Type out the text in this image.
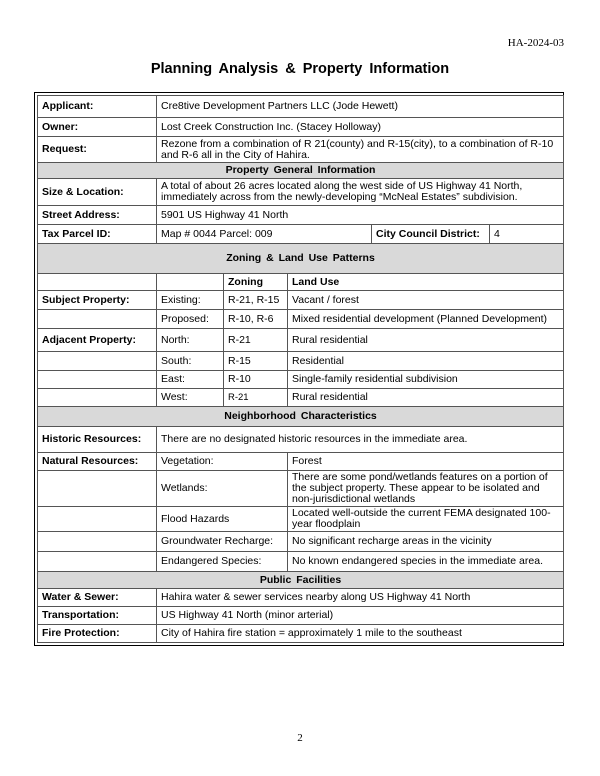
HA-2024-03
Planning Analysis & Property Information
Applicant:	Cre8tive Development Partners LLC (Jode Hewett)				
Owner:	Lost Creek Construction Inc. (Stacey Holloway)				
Request:	Rezone from a combination of R 21(county) and R-15(city), to a combination of R-10 and R-6 all in the City of Hahira.				
Property General Information					
Size & Location:	A total of about 26 acres located along the west side of US Highway 41 North, immediately across from the newly-developing “McNeal Estates” subdivision.				
Street Address:	5901 US Highway 41 North				
Tax Parcel ID:	Map # 0044 Parcel: 009			City Council District:	4
Zoning & Land Use Patterns					
		Zoning	Land Use		
Subject Property:	Existing:	R-21, R-15	Vacant / forest		
	Proposed:	R-10, R-6	Mixed residential development (Planned Development)		
Adjacent Property:	North:	R-21	Rural residential		
	South:	R-15	Residential		
	East:	R-10	Single-family residential subdivision		
	West:	R-21	Rural residential		
Neighborhood Characteristics					
Historic Resources:	There are no designated historic resources in the immediate area.				
Natural Resources:	Vegetation:		Forest		
	Wetlands:		There are some pond/wetlands features on a portion of the subject property. These appear to be isolated and non-jurisdictional wetlands		
	Flood Hazards		Located well-outside the current FEMA designated 100-year floodplain		
	Groundwater Recharge:		No significant recharge areas in the vicinity		
	Endangered Species:		No known endangered species in the immediate area.		
Public Facilities					
Water & Sewer:	Hahira water & sewer services nearby along US Highway 41 North				
Transportation:	US Highway 41 North (minor arterial)				
Fire Protection:	City of Hahira fire station = approximately 1 mile to the southeast				
2
